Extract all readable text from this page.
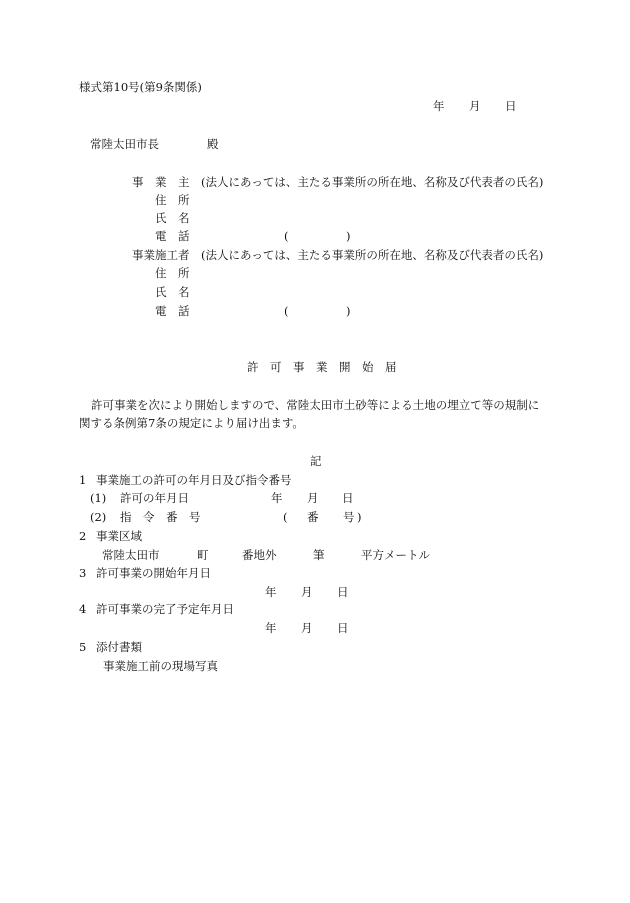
様式第10号(第9条関係)
年 月 日
常陸太田市長	殿
事　業　主 (法人にあっては、主たる事業所の所在地、名称及び代表者の氏名)
住　所
氏　名
電　話	(　　　　　)
事業施工者 (法人にあっては、主たる事業所の所在地、名称及び代表者の氏名)
住　所
氏　名
電　話	(　　　　　)
許　可　事　業　開　始　届
許可事業を次により開始しますので、常陸太田市土砂等による土地の埋立て等の規制に
関する条例第7条の規定により届け出ます。
記
1 事業施工の許可の年月日及び指令番号
(1) 許可の年月日	年 月 日
(2) 指　令　番　号	( 番 号 )
2 事業区域
常陸太田市	町	番地外	筆	平方メートル
3 許可事業の開始年月日
年 月 日
4 許可事業の完了予定年月日
年 月 日
5 添付書類
事業施工前の現場写真
